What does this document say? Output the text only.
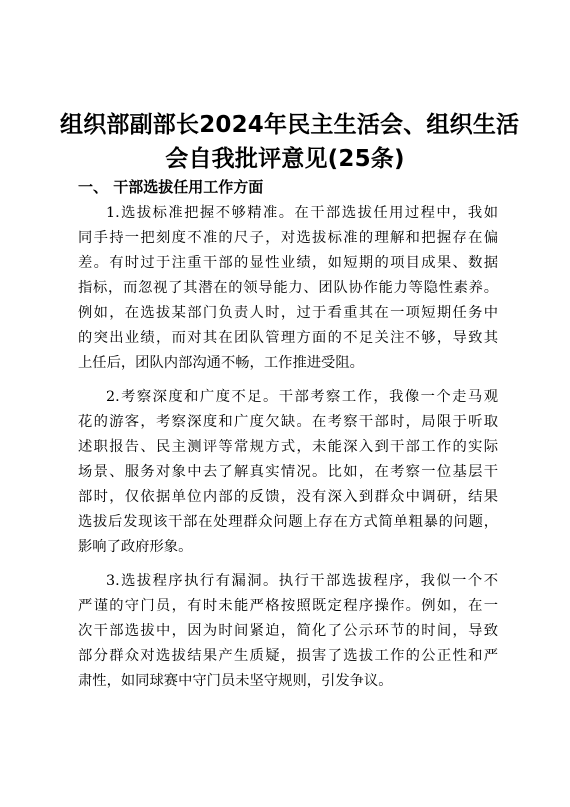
组织部副部长2024年民主生活会、组织生活
会自我批评意见(25条)
一、 干部选拔任用工作方面
1.选拔标准把握不够精准。在干部选拔任用过程中，我如
同手持一把刻度不准的尺子，对选拔标准的理解和把握存在偏
差。有时过于注重干部的显性业绩，如短期的项目成果、数据
指标，而忽视了其潜在的领导能力、团队协作能力等隐性素养。
例如，在选拔某部门负责人时，过于看重其在一项短期任务中
的突出业绩，而对其在团队管理方面的不足关注不够，导致其
上任后，团队内部沟通不畅，工作推进受阻。
2.考察深度和广度不足。干部考察工作，我像一个走马观
花的游客，考察深度和广度欠缺。在考察干部时，局限于听取
述职报告、民主测评等常规方式，未能深入到干部工作的实际
场景、服务对象中去了解真实情况。比如，在考察一位基层干
部时，仅依据单位内部的反馈，没有深入到群众中调研，结果
选拔后发现该干部在处理群众问题上存在方式简单粗暴的问题，
影响了政府形象。
3.选拔程序执行有漏洞。执行干部选拔程序，我似一个不
严谨的守门员，有时未能严格按照既定程序操作。例如，在一
次干部选拔中，因为时间紧迫，简化了公示环节的时间，导致
部分群众对选拔结果产生质疑，损害了选拔工作的公正性和严
肃性，如同球赛中守门员未坚守规则，引发争议。
